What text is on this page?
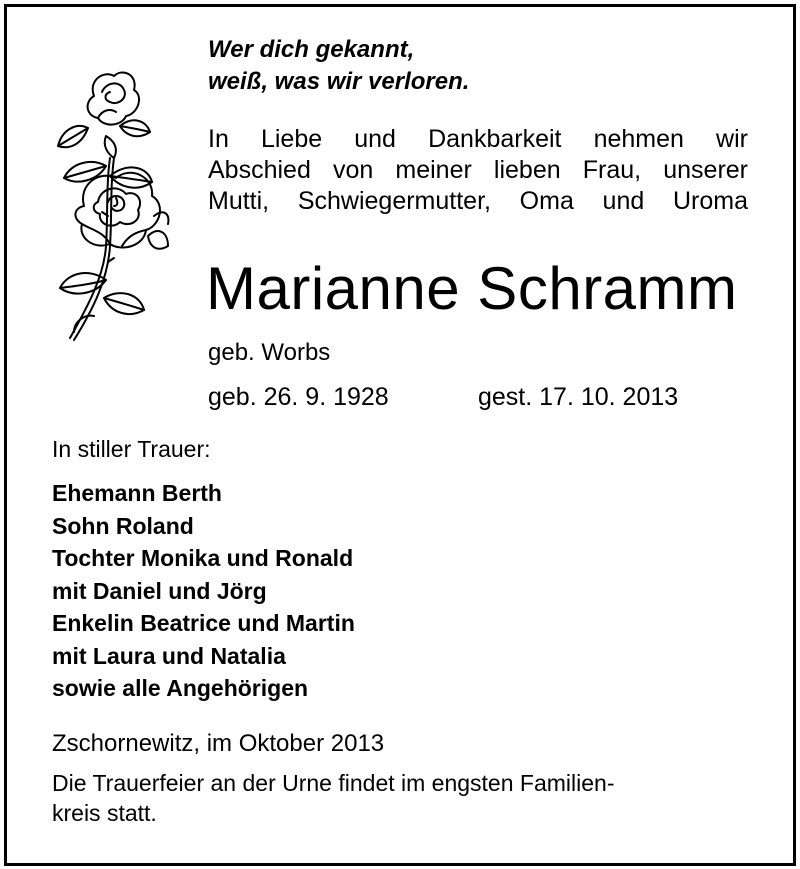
Wer dich gekannt,
weiß, was wir verloren.
In Liebe und Dankbarkeit nehmen wir
Abschied von meiner lieben Frau, unserer
Mutti, Schwiegermutter, Oma und Uroma
Marianne Schramm
geb. Worbs
geb. 26. 9. 1928	gest. 17. 10. 2013
In stiller Trauer:
Ehemann Berth
Sohn Roland
Tochter Monika und Ronald
mit Daniel und Jörg
Enkelin Beatrice und Martin
mit Laura und Natalia
sowie alle Angehörigen
Zschornewitz, im Oktober 2013
Die Trauerfeier an der Urne findet im engsten Familien-
kreis statt.
